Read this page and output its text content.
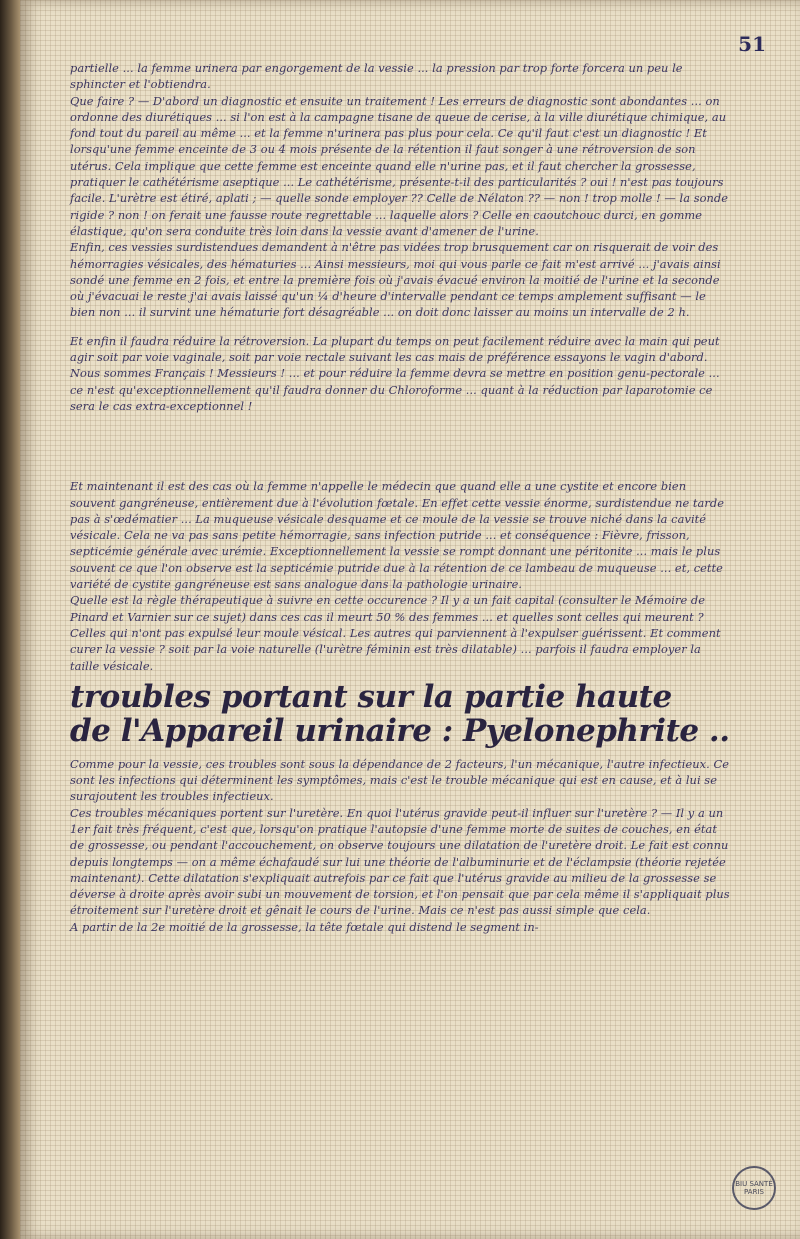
51

partielle ... la femme urinera par engorgement de la vessie ... la pression par trop forte forcera un peu le sphincter et l'obtiendra.

Que faire ? — D'abord un diagnostic et ensuite un traitement ! Les erreurs de diagnostic sont abondantes ... on ordonne des diurétiques ... si l'on est à la campagne tisane de queue de cerise, à la ville diurétique chimique, au fond tout du pareil au même ... et la femme n'urinera pas plus pour cela. Ce qu'il faut c'est un diagnostic ! Et lorsqu'une femme enceinte de 3 ou 4 mois présente de la rétention il faut songer à une rétroversion de son utérus. Cela implique que cette femme est enceinte quand elle n'urine pas, et il faut chercher la grossesse, pratiquer le cathétérisme aseptique ... Le cathétérisme, présente-t-il des particularités ? oui ! n'est pas toujours facile. L'urètre est étiré, aplati ; — quelle sonde employer ?? Celle de Nélaton ?? — non ! trop molle ! — la sonde rigide ? non ! on ferait une fausse route regrettable ... laquelle alors ? Celle en caoutchouc durci, en gomme élastique, qu'on sera conduite très loin dans la vessie avant d'amener de l'urine.

Enfin, ces vessies surdistendues demandent à n'être pas vidées trop brusquement car on risquerait de voir des hémorragies vésicales, des hématuries ... Ainsi messieurs, moi qui vous parle ce fait m'est arrivé ... j'avais ainsi sondé une femme en 2 fois, et entre la première fois où j'avais évacué environ la moitié de l'urine et la seconde où j'évacuai le reste j'ai avais laissé qu'un ¼ d'heure d'intervalle pendant ce temps amplement suffisant — le bien non ... il survint une hématurie fort désagréable ... on doit donc laisser au moins un intervalle de 2 h.

Et enfin il faudra réduire la rétroversion. La plupart du temps on peut facilement réduire avec la main qui peut agir soit par voie vaginale, soit par voie rectale suivant les cas mais de préférence essayons le vagin d'abord. Nous sommes Français ! Messieurs ! ... et pour réduire la femme devra se mettre en position genu-pectorale ... ce n'est qu'exceptionnellement qu'il faudra donner du Chloroforme ... quant à la réduction par laparotomie ce sera le cas extra-exceptionnel !

Et maintenant il est des cas où la femme n'appelle le médecin que quand elle a une cystite et encore bien souvent gangréneuse, entièrement due à l'évolution fœtale. En effet cette vessie énorme, surdistendue ne tarde pas à s'œdématier ... La muqueuse vésicale desquame et ce moule de la vessie se trouve niché dans la cavité vésicale. Cela ne va pas sans petite hémorragie, sans infection putride ... et conséquence : Fièvre, frisson, septicémie générale avec urémie. Exceptionnellement la vessie se rompt donnant une péritonite ... mais le plus souvent ce que l'on observe est la septicémie putride due à la rétention de ce lambeau de muqueuse ... et, cette variété de cystite gangréneuse est sans analogue dans la pathologie urinaire.

Quelle est la règle thérapeutique à suivre en cette occurence ? Il y a un fait capital (consulter le Mémoire de Pinard et Varnier sur ce sujet) dans ces cas il meurt 50 % des femmes ... et quelles sont celles qui meurent ? Celles qui n'ont pas expulsé leur moule vésical. Les autres qui parviennent à l'expulser guérissent. Et comment curer la vessie ? soit par la voie naturelle (l'urètre féminin est très dilatable) ... parfois il faudra employer la taille vésicale.

troubles portant sur la partie haute
de l'Appareil urinaire : Pyelonephrite ..

Comme pour la vessie, ces troubles sont sous la dépendance de 2 facteurs, l'un mécanique, l'autre infectieux. Ce sont les infections qui déterminent les symptômes, mais c'est le trouble mécanique qui est en cause, et à lui se surajoutent les troubles infectieux.

Ces troubles mécaniques portent sur l'uretère. En quoi l'utérus gravide peut-il influer sur l'uretère ? — Il y a un 1er fait très fréquent, c'est que, lorsqu'on pratique l'autopsie d'une femme morte de suites de couches, en état de grossesse, ou pendant l'accouchement, on observe toujours une dilatation de l'uretère droit. Le fait est connu depuis longtemps — on a même échafaudé sur lui une théorie de l'albuminurie et de l'éclampsie (théorie rejetée maintenant). Cette dilatation s'expliquait autrefois par ce fait que l'utérus gravide au milieu de la grossesse se déverse à droite après avoir subi un mouvement de torsion, et l'on pensait que par cela même il s'appliquait plus étroitement sur l'uretère droit et gênait le cours de l'urine. Mais ce n'est pas aussi simple que cela.

A partir de la 2e moitié de la grossesse, la tête fœtale qui distend le segment in-

BIU SANTÉ PARIS
